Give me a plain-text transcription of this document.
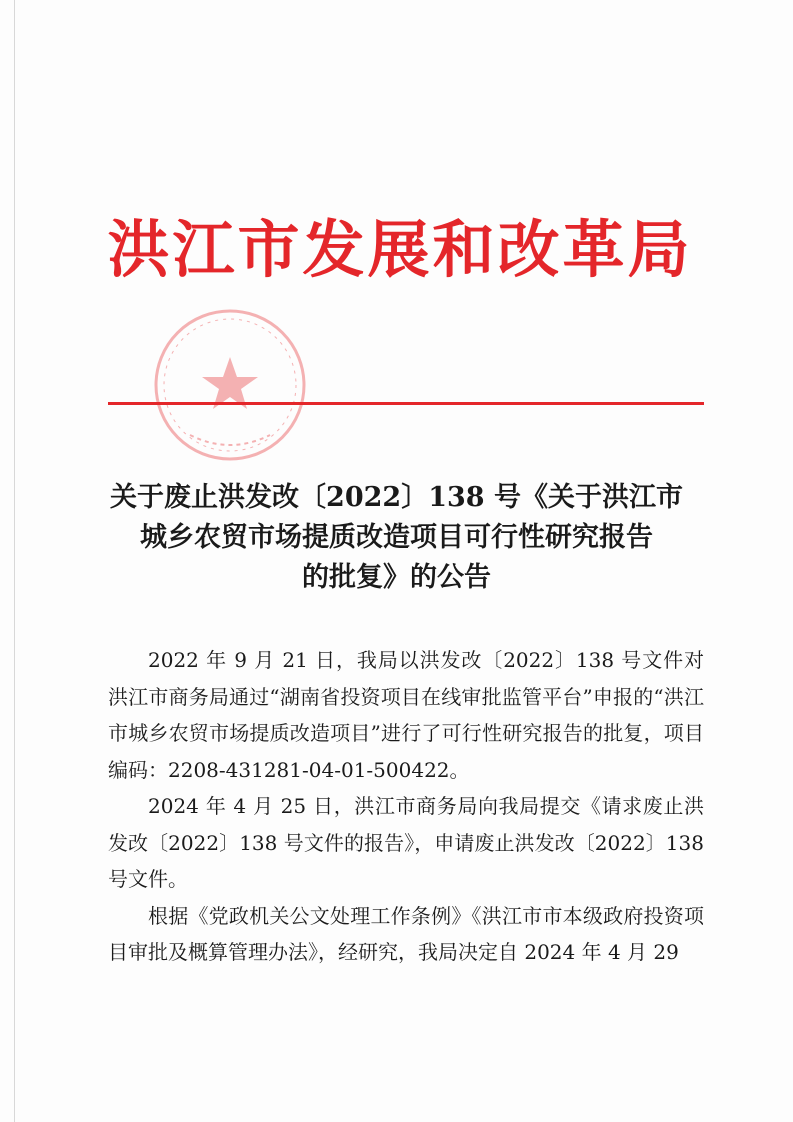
洪江市发展和改革局
关于废止洪发改〔2022〕138 号《关于洪江市
城乡农贸市场提质改造项目可行性研究报告
的批复》的公告

2022 年 9 月 21 日，我局以洪发改〔2022〕138 号文件对洪江市商务局通过“湖南省投资项目在线审批监管平台”申报的“洪江市城乡农贸市场提质改造项目”进行了可行性研究报告的批复，项目编码：2208-431281-04-01-500422。

2024 年 4 月 25 日，洪江市商务局向我局提交《请求废止洪发改〔2022〕138 号文件的报告》，申请废止洪发改〔2022〕138 号文件。

根据《党政机关公文处理工作条例》《洪江市市本级政府投资项目审批及概算管理办法》，经研究，我局决定自 2024 年 4 月 29
